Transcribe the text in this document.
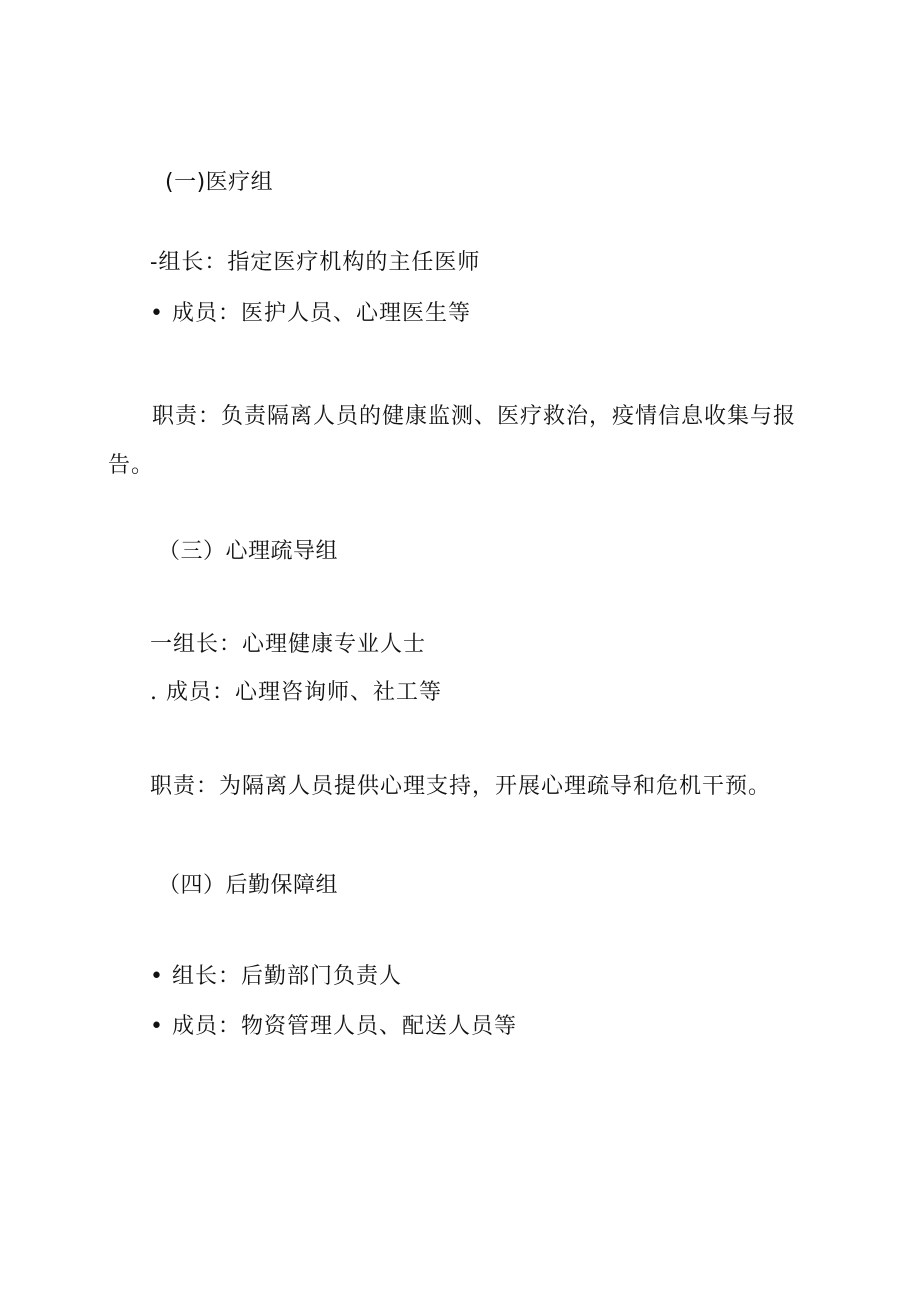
(一)医疗组
-组长：指定医疗机构的主任医师
• 成员：医护人员、心理医生等
职责：负责隔离人员的健康监测、医疗救治，疫情信息收集与报告。
（三）心理疏导组
一组长：心理健康专业人士
. 成员：心理咨询师、社工等
职责：为隔离人员提供心理支持，开展心理疏导和危机干预。
（四）后勤保障组
• 组长：后勤部门负责人
• 成员：物资管理人员、配送人员等
